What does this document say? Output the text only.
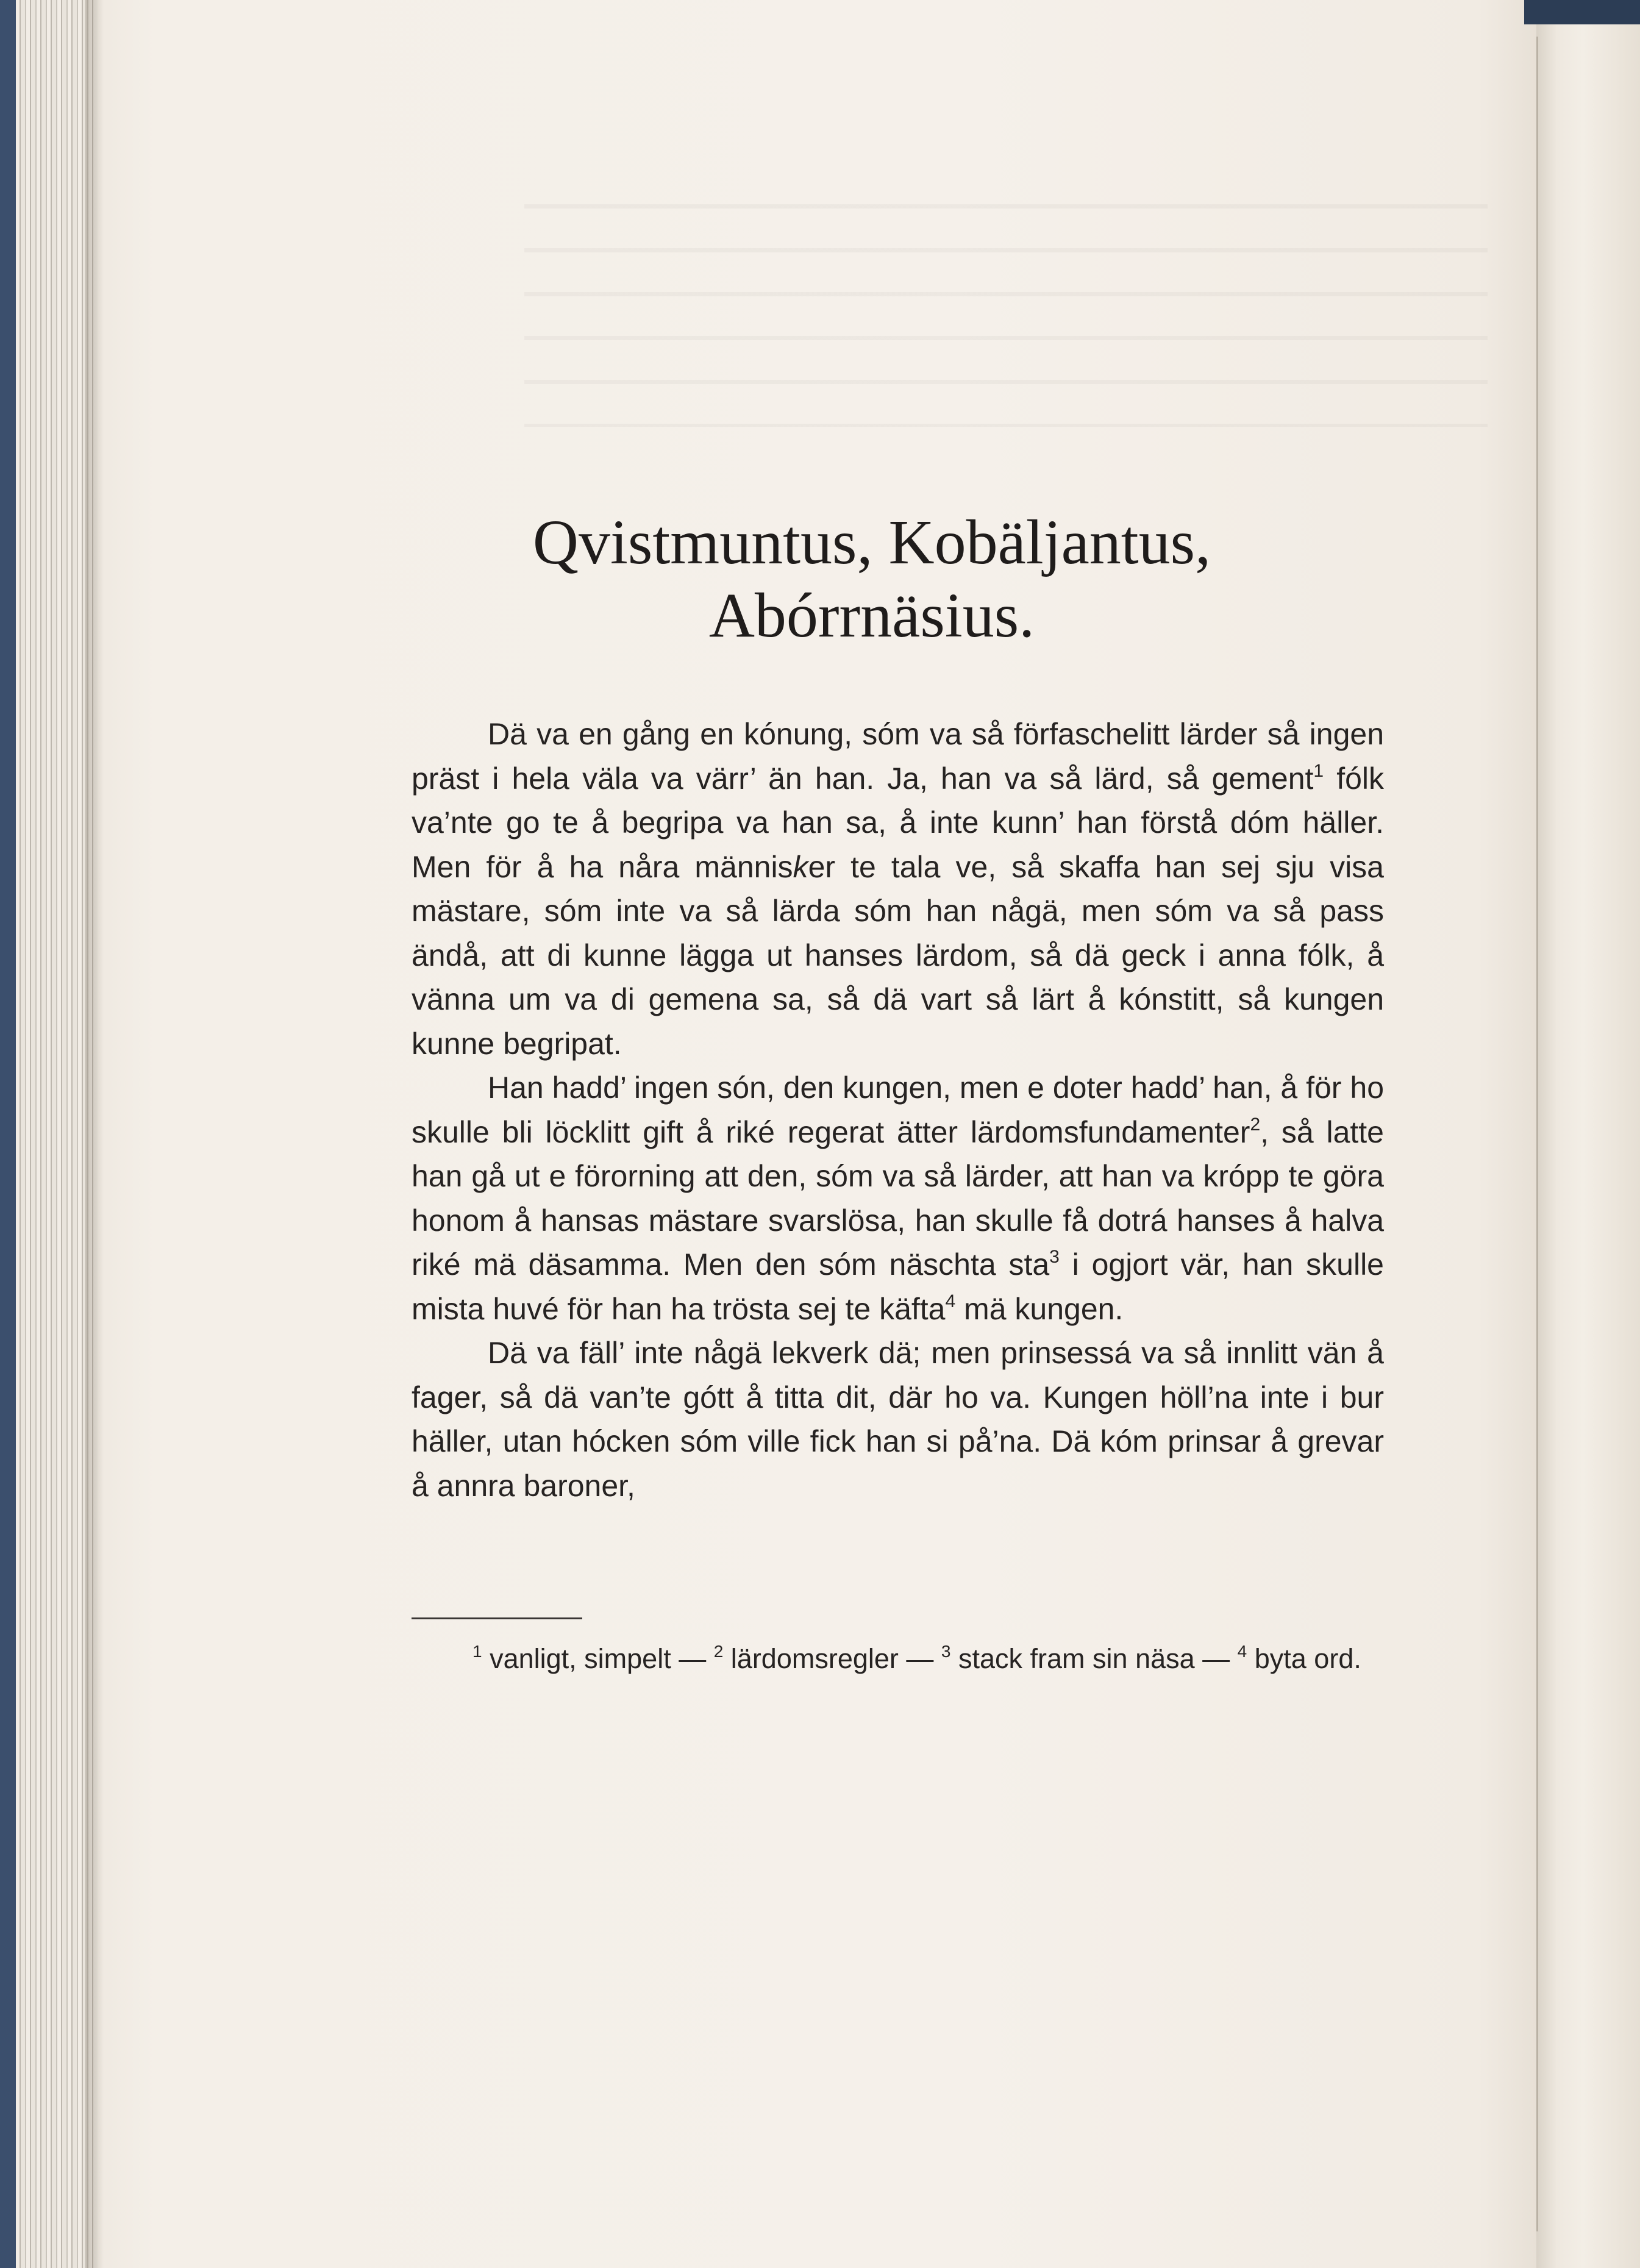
Qvistmuntus, Kobäljantus,
Abórrnäsius.

Dä va en gång en kónung, sóm va så förfaschelitt lärder så ingen präst i hela väla va värr’ än han. Ja, han va så lärd, så gement$^1$ fólk va’nte go te å begripa va han sa, å inte kunn’ han förstå dóm häller. Men för å ha nåra människer te tala ve, så skaffa han sej sju visa mästare, sóm inte va så lärda sóm han någä, men sóm va så pass ändå, att di kunne lägga ut hanses lärdom, så dä geck i anna fólk, å vänna um va di gemena sa, så dä vart så lärt å kónstitt, så kungen kunne begripat.

Han hadd’ ingen són, den kungen, men e doter hadd’ han, å för ho skulle bli löcklitt gift å riké regerat ätter lärdomsfundamenter$^2$, så latte han gå ut e förorning att den, sóm va så lärder, att han va krópp te göra honom å hansas mästare svarslösa, han skulle få dotrá hanses å halva riké mä däsamma. Men den sóm näschta sta$^3$ i ogjort vär, han skulle mista huvé för han ha trösta sej te käfta$^4$ mä kungen.

Dä va fäll’ inte någä lekverk dä; men prinsessá va så innlitt vän å fager, så dä van’te gótt å titta dit, där ho va. Kungen höll’na inte i bur häller, utan hócken sóm ville fick han si på’na. Dä kóm prinsar å grevar å annra baroner,

$^1$ vanligt, simpelt — $^2$ lärdomsregler — $^3$ stack fram sin näsa — $^4$ byta ord.
